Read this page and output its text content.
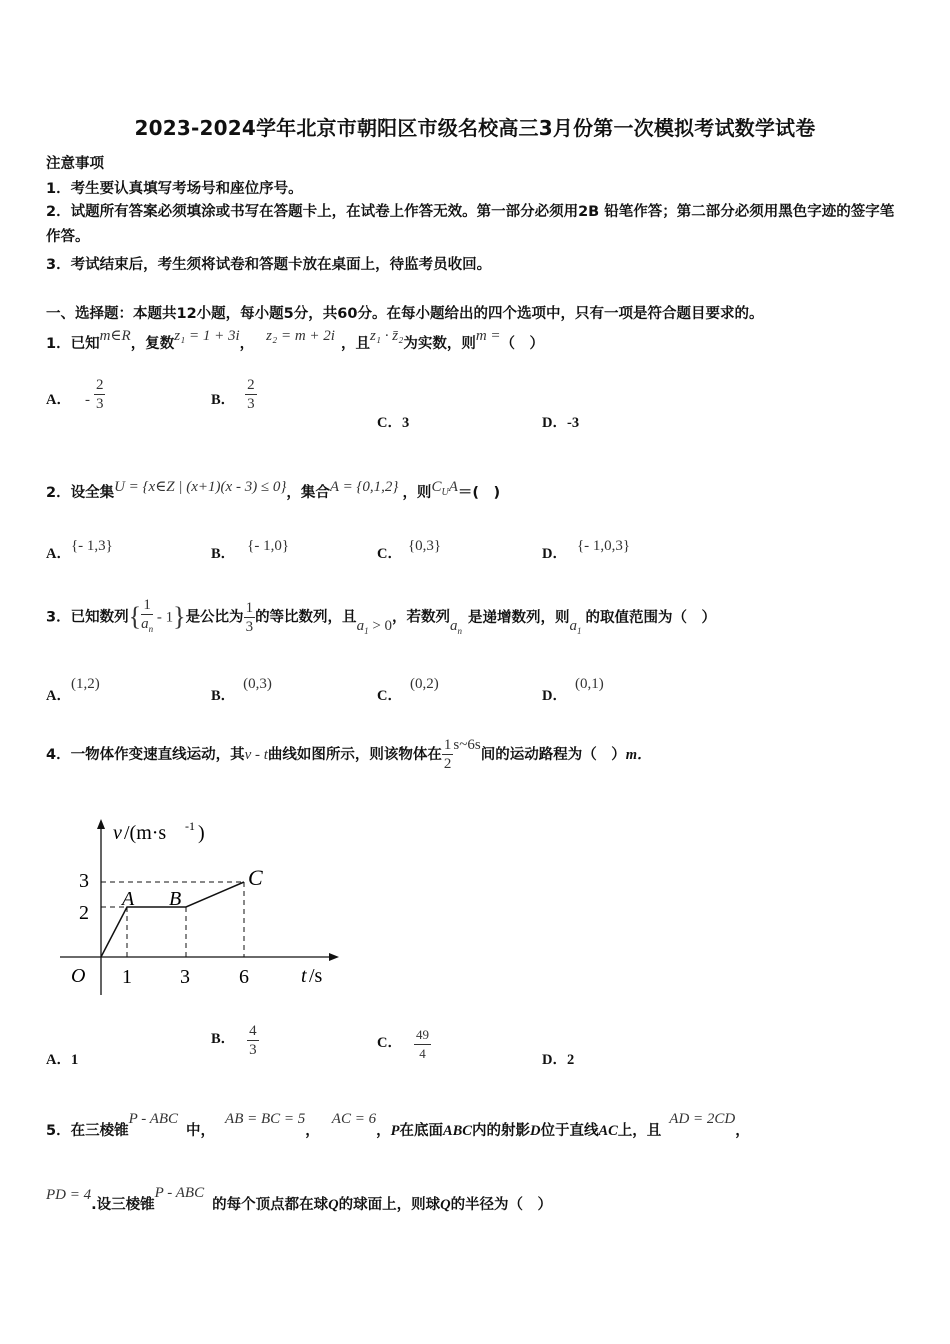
2023-2024学年北京市朝阳区市级名校高三3月份第一次模拟考试数学试卷
注意事项
1．考生要认真填写考场号和座位序号。
2．试题所有答案必须填涂或书写在答题卡上，在试卷上作答无效。第一部分必须用2B 铅笔作答；第二部分必须用黑色字迹的签字笔作答。
3．考试结束后，考生须将试卷和答题卡放在桌面上，待监考员收回。
一、选择题：本题共12小题，每小题5分，共60分。在每小题给出的四个选项中，只有一项是符合题目要求的。
1．已知m∈R，复数z₁ = 1 + 3i， z₂ = m + 2i ，且z₁ · z̄₂为实数，则m =（　）
A． - $\frac{2}{3}$	B． $\frac{2}{3}$
C．3	D．-3
2．设全集U = {x∈Z | (x+1)(x - 3) ≤ 0}，集合A = {0,1,2} ，则CUA＝(　)
A．{- 1,3}	B． {- 1,0}	C． {0,3}	D． {- 1,0,3}
3．已知数列{ $\frac{1}{a_n} - 1$}是公比为 $\frac{1}{3}$ 的等比数列，且$a_1 > 0$，若数列$a_n$是递增数列，则$a_1$的取值范围为（　）
A．(1,2)
B．(0,3)
C．(0,2)
D．(0,1)
4．一物体作变速直线运动，其v - t曲线如图所示，则该物体在 $\frac{1}{2}$ s~6s间的运动路程为（　）m．
v /(m·s -1 )
3
2
O 1 3 6	t /s
A B
C
A．1
B． $\frac{4}{3}$	C． $\frac{49}{4}$	D．2
5．在三棱锥P - ABC中，AB = BC = 5，AC = 6，P在底面ABC内的射影D位于直线AC上，且AD = 2CD，
PD = 4.设三棱锥P - ABC的每个顶点都在球Q的球面上，则球Q的半径为（　）
